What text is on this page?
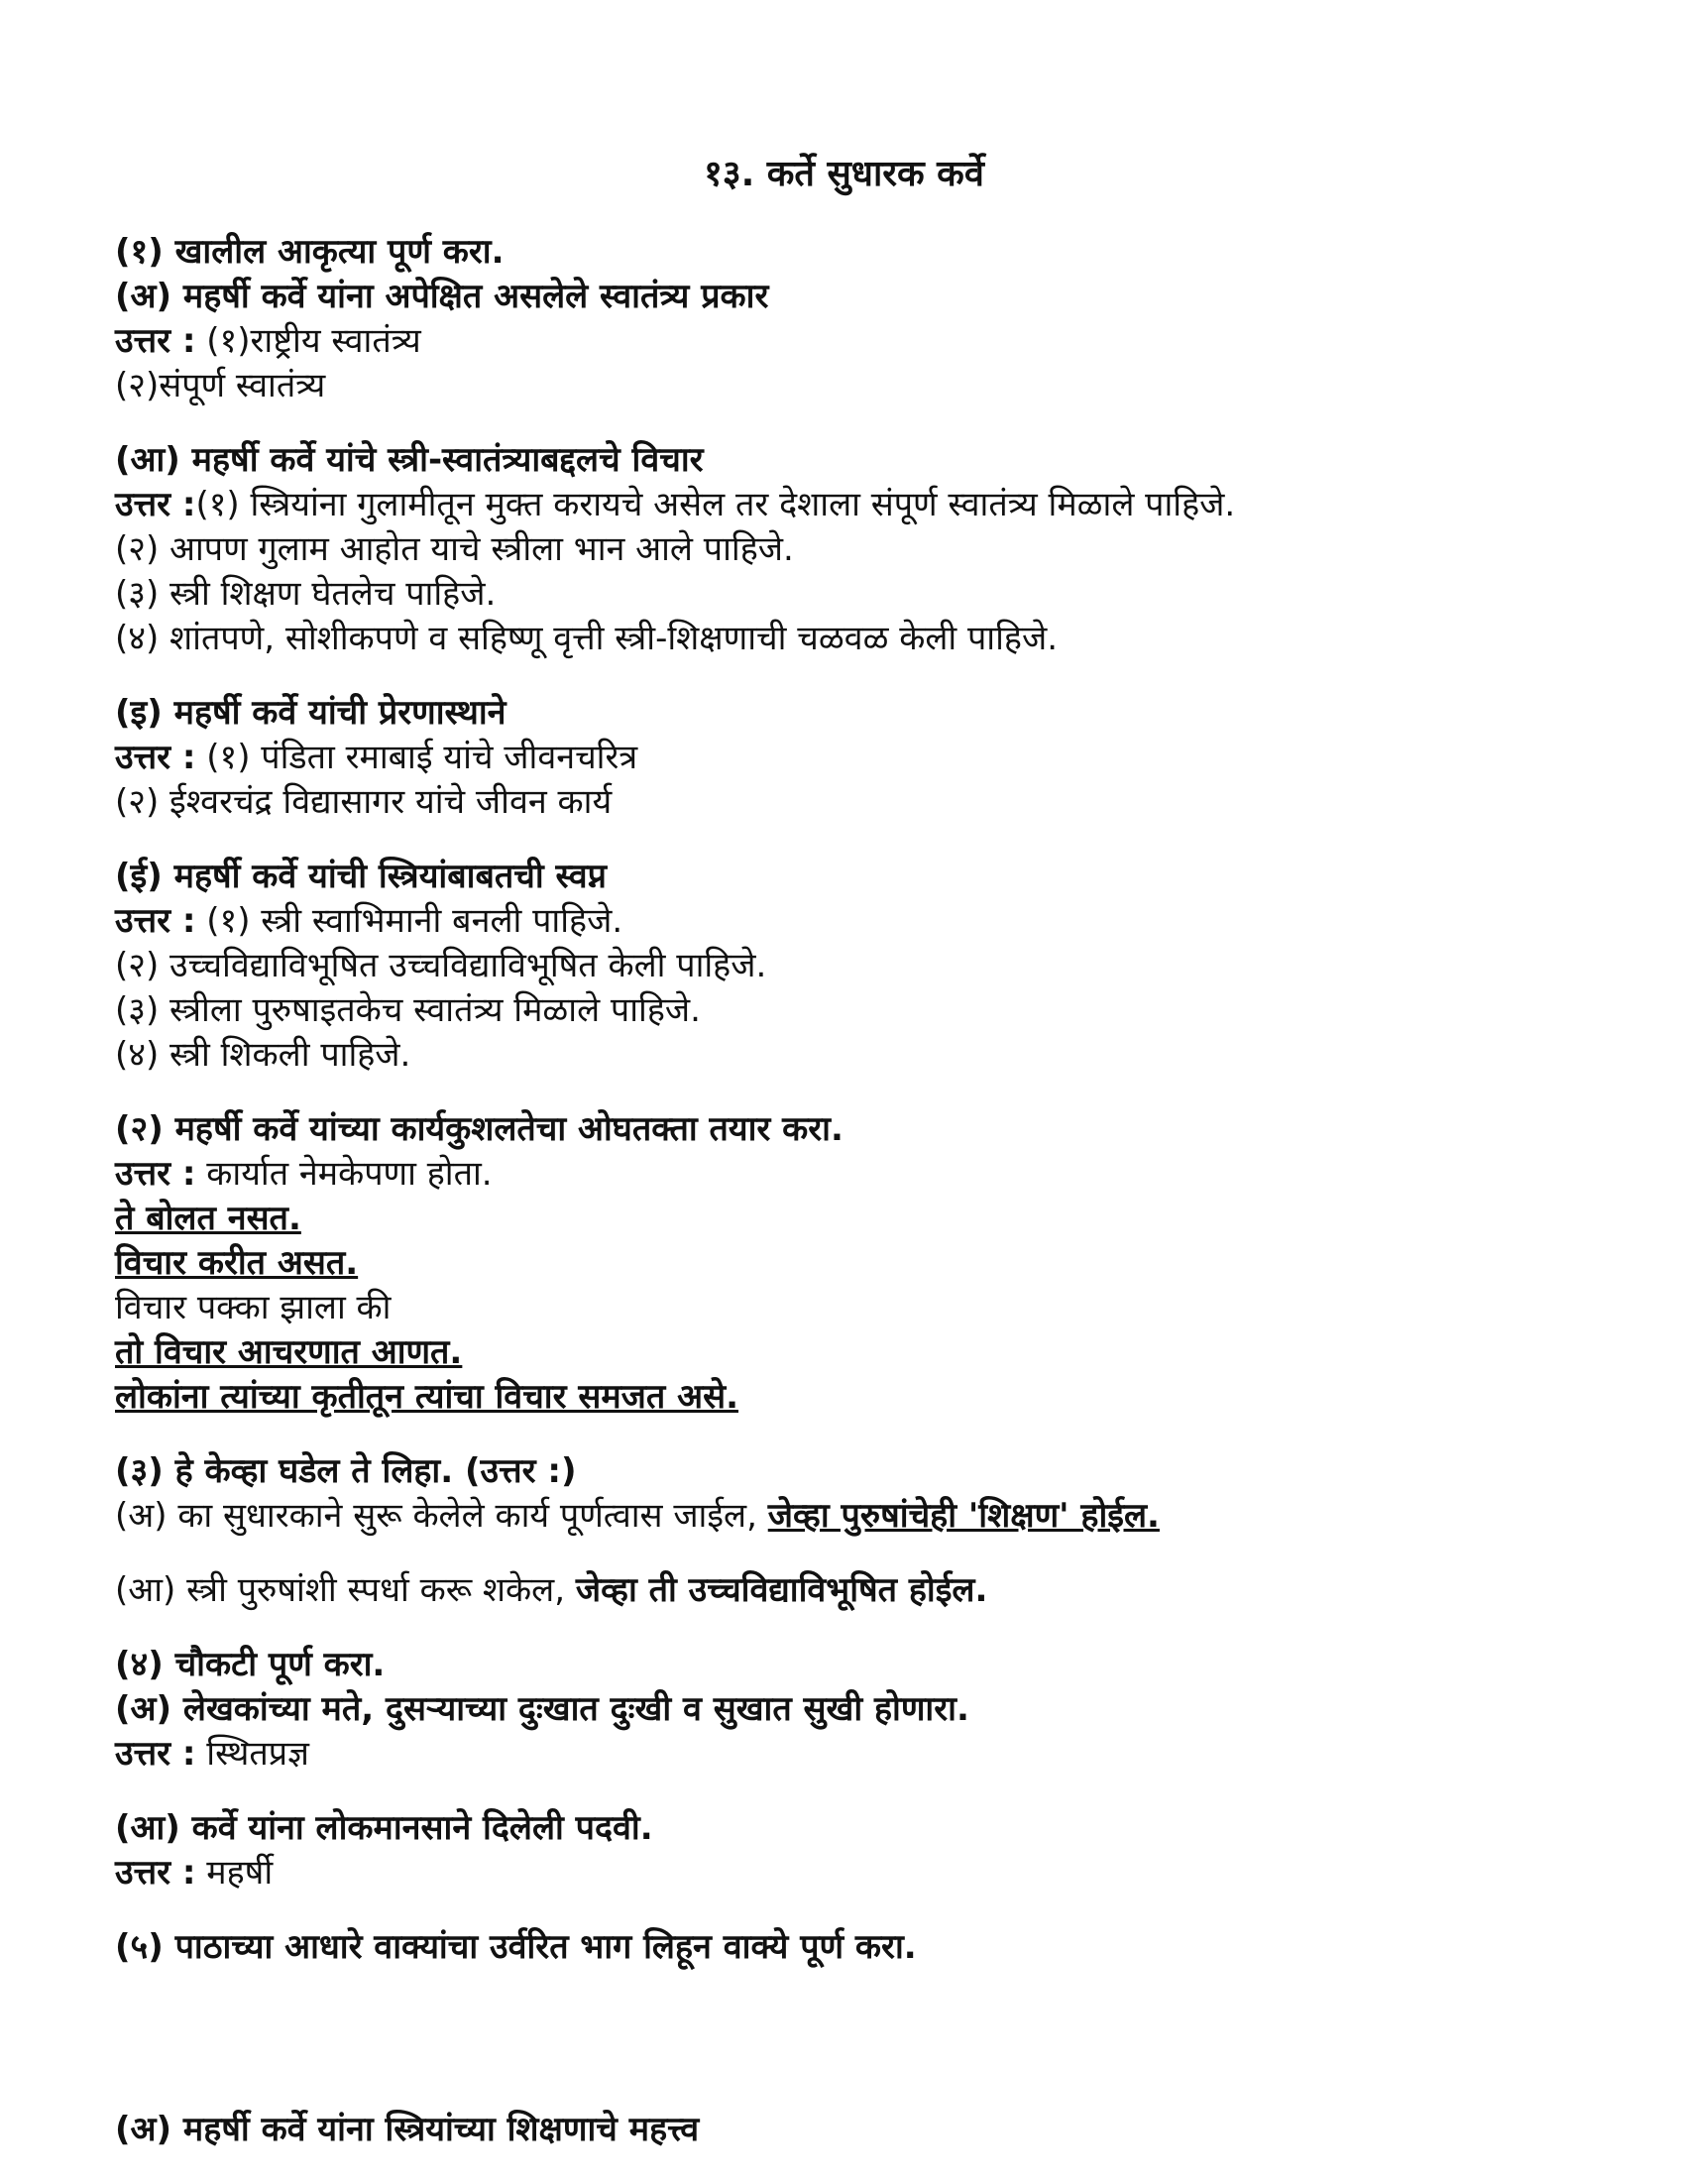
१३. कर्ते सुधारक कर्वे
(१) खालील आकृत्या पूर्ण करा.
(अ) महर्षी कर्वे यांना अपेक्षित असलेले स्वातंत्र्य प्रकार
उत्तर : (१)राष्ट्रीय स्वातंत्र्य
(२)संपूर्ण स्वातंत्र्य
(आ) महर्षी कर्वे यांचे स्त्री-स्वातंत्र्याबद्दलचे विचार
उत्तर :(१) स्त्रियांना गुलामीतून मुक्त करायचे असेल तर देशाला संपूर्ण स्वातंत्र्य मिळाले पाहिजे.
(२) आपण गुलाम आहोत याचे स्त्रीला भान आले पाहिजे.
(३) स्त्री शिक्षण घेतलेच पाहिजे.
(४) शांतपणे, सोशीकपणे व सहिष्णू वृत्ती स्त्री-शिक्षणाची चळवळ केली पाहिजे.
(इ) महर्षी कर्वे यांची प्रेरणास्थाने
उत्तर : (१) पंडिता रमाबाई यांचे जीवनचरित्र
(२) ईश्वरचंद्र विद्यासागर यांचे जीवन कार्य
(ई) महर्षी कर्वे यांची स्त्रियांबाबतची स्वप्न
उत्तर : (१) स्त्री स्वाभिमानी बनली पाहिजे.
(२) उच्चविद्याविभूषित उच्चविद्याविभूषित केली पाहिजे.
(३) स्त्रीला पुरुषाइतकेच स्वातंत्र्य मिळाले पाहिजे.
(४) स्त्री शिकली पाहिजे.
(२) महर्षी कर्वे यांच्या कार्यकुशलतेचा ओघतक्ता तयार करा.
उत्तर : कार्यात नेमकेपणा होता.
ते बोलत नसत.
विचार करीत असत.
विचार पक्का झाला की
तो विचार आचरणात आणत.
लोकांना त्यांच्या कृतीतून त्यांचा विचार समजत असे.
(३) हे केव्हा घडेल ते लिहा. (उत्तर :)
(अ) का सुधारकाने सुरू केलेले कार्य पूर्णत्वास जाईल, जेव्हा पुरुषांचेही 'शिक्षण' होईल.
(आ) स्त्री पुरुषांशी स्पर्धा करू शकेल, जेव्हा ती उच्चविद्याविभूषित होईल.
(४) चौकटी पूर्ण करा.
(अ) लेखकांच्या मते, दुसऱ्याच्या दुःखात दुःखी व सुखात सुखी होणारा.
उत्तर : स्थितप्रज्ञ
(आ) कर्वे यांना लोकमानसाने दिलेली पदवी.
उत्तर : महर्षी
(५) पाठाच्या आधारे वाक्यांचा उर्वरित भाग लिहून वाक्ये पूर्ण करा.
(अ) महर्षी कर्वे यांना स्त्रियांच्या शिक्षणाचे महत्त्व
